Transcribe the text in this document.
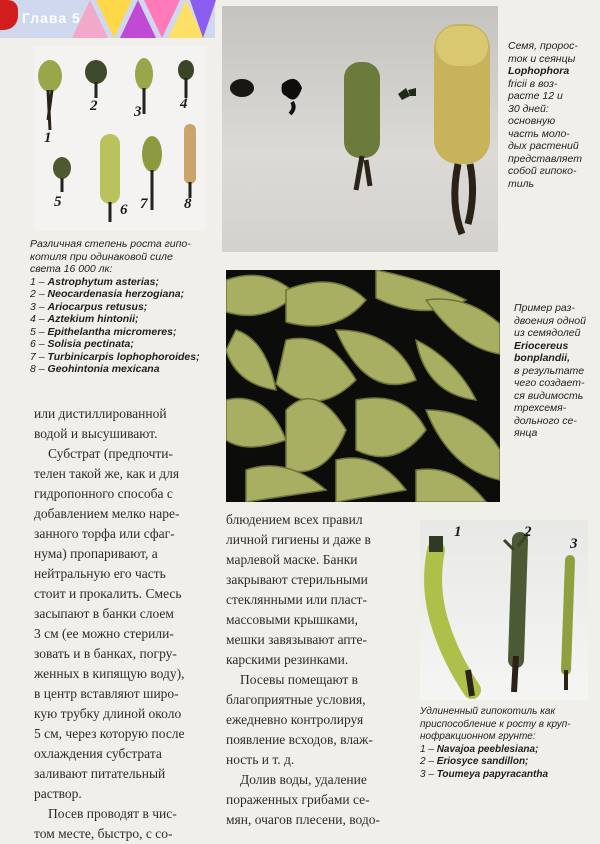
Глава 5
1
2 3	4
5	6 7 8
Различная степень роста гипо-
котиля при одинаковой силе
света 16 000 лк:
1 – Astrophytum asterias;
2 – Neocardenasia herzogiana;
3 – Ariocarpus retusus;
4 – Aztekium hintonii;
5 – Epithelantha micromeres;
6 – Solisia pectinata;
7 – Turbinicarpis lophophoroides;
8 – Geohintonia mexicana
Семя, пророс-
ток и сеянцы
Lophophora
fricii в воз-
расте 12 и
30 дней:
основную
часть моло-
дых растений
представляет
собой гипоко-
тиль
Пример раз-
двоения одной
из семядолей
Eriocereus
bonplandii,
в результате
чего создает-
ся видимость
трехсемя-
дольного се-
янца
1	2
3
Удлиненный гипокотиль как
приспособление к росту в круп-
нофракционном грунте:
1 – Navajoa peeblesiana;
2 – Eriosyce sandillon;
3 – Toumeya papyracantha
или дистиллированной
водой и высушивают.
Субстрат (предпочти-
телен такой же, как и для
гидропонного способа с
добавлением мелко наре-
занного торфа или сфаг-
нума) пропаривают, а
нейтральную его часть
стоит и прокалить. Смесь
засыпают в банки слоем
3 см (ее можно стерили-
зовать и в банках, погру-
женных в кипящую воду),
в центр вставляют широ-
кую трубку длиной около
5 см, через которую после
охлаждения субстрата
заливают питательный
раствор.
Посев проводят в чис-
том месте, быстро, с со-
блюдением всех правил
личной гигиены и даже в
марлевой маске. Банки
закрывают стерильными
стеклянными или пласт-
массовыми крышками,
мешки завязывают апте-
карскими резинками.
Посевы помещают в
благоприятные условия,
ежедневно контролируя
появление всходов, влаж-
ность и т. д.
Долив воды, удаление
пораженных грибами се-
мян, очагов плесени, водо-
